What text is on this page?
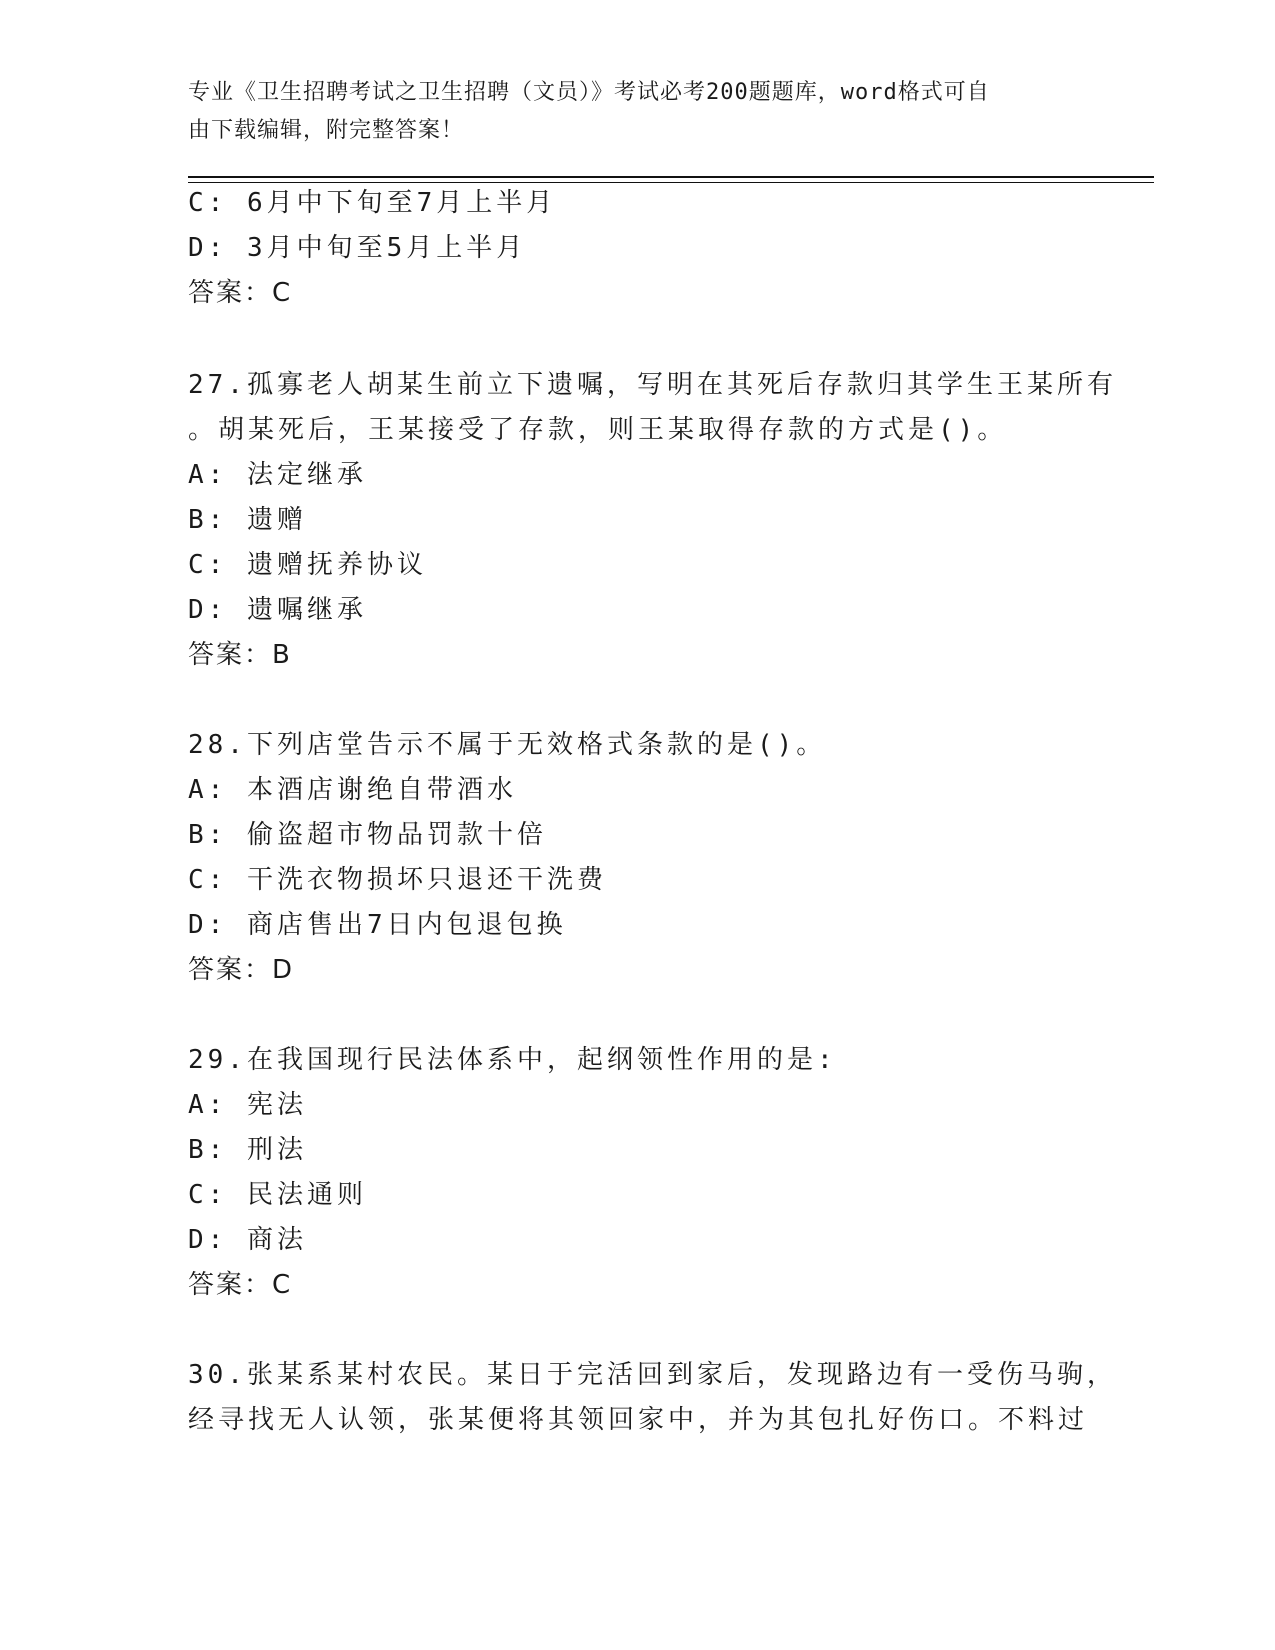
专业《卫生招聘考试之卫生招聘（文员）》考试必考200题题库，word格式可自
由下载编辑，附完整答案！
C: 6月中下旬至7月上半月
D: 3月中旬至5月上半月
答案：C
27.孤寡老人胡某生前立下遗嘱，写明在其死后存款归其学生王某所有
。胡某死后，王某接受了存款，则王某取得存款的方式是()。
A: 法定继承
B: 遗赠
C: 遗赠抚养协议
D: 遗嘱继承
答案：B
28.下列店堂告示不属于无效格式条款的是()。
A: 本酒店谢绝自带酒水
B: 偷盗超市物品罚款十倍
C: 干洗衣物损坏只退还干洗费
D: 商店售出7日内包退包换
答案：D
29.在我国现行民法体系中，起纲领性作用的是:
A: 宪法
B: 刑法
C: 民法通则
D: 商法
答案：C
30.张某系某村农民。某日于完活回到家后，发现路边有一受伤马驹，
经寻找无人认领，张某便将其领回家中，并为其包扎好伤口。不料过
